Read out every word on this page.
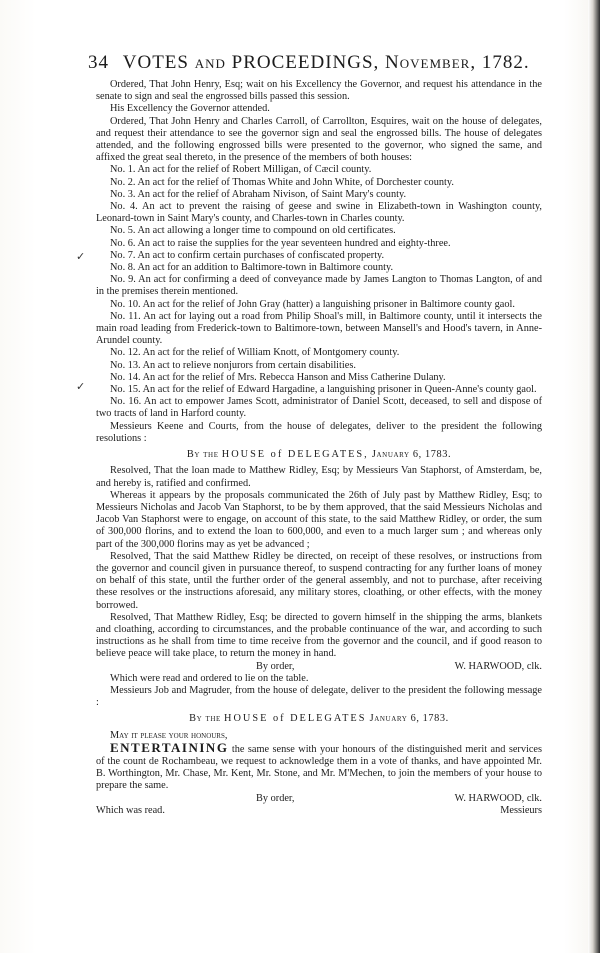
34 VOTES and PROCEEDINGS, November, 1782.
✓
✓

Ordered, That John Henry, Esq; wait on his Excellency the Governor, and request his attendance in the senate to sign and seal the engrossed bills passed this session.

His Excellency the Governor attended.

Ordered, That John Henry and Charles Carroll, of Carrollton, Esquires, wait on the house of delegates, and request their attendance to see the governor sign and seal the engrossed bills. The house of delegates attended, and the following engrossed bills were presented to the governor, who signed the same, and affixed the great seal thereto, in the presence of the members of both houses:

No. 1. An act for the relief of Robert Milligan, of Cæcil county.

No. 2. An act for the relief of Thomas White and John White, of Dorchester county.

No. 3. An act for the relief of Abraham Nivison, of Saint Mary's county.

No. 4. An act to prevent the raising of geese and swine in Elizabeth-town in Washington county, Leonard-town in Saint Mary's county, and Charles-town in Charles county.

No. 5. An act allowing a longer time to compound on old certificates.

No. 6. An act to raise the supplies for the year seventeen hundred and eighty-three.

No. 7. An act to confirm certain purchases of confiscated property.

No. 8. An act for an addition to Baltimore-town in Baltimore county.

No. 9. An act for confirming a deed of conveyance made by James Langton to Thomas Langton, of and in the premises therein mentioned.

No. 10. An act for the relief of John Gray (hatter) a languishing prisoner in Baltimore county gaol.

No. 11. An act for laying out a road from Philip Shoal's mill, in Baltimore county, until it intersects the main road leading from Frederick-town to Baltimore-town, between Mansell's and Hood's tavern, in Anne-Arundel county.

No. 12. An act for the relief of William Knott, of Montgomery county.

No. 13. An act to relieve nonjurors from certain disabilities.

No. 14. An act for the relief of Mrs. Rebecca Hanson and Miss Catherine Dulany.

No. 15. An act for the relief of Edward Hargadine, a languishing prisoner in Queen-Anne's county gaol.

No. 16. An act to empower James Scott, administrator of Daniel Scott, deceased, to sell and dispose of two tracts of land in Harford county.

Messieurs Keene and Courts, from the house of delegates, deliver to the president the following resolutions :

By the HOUSE of DELEGATES, January 6, 1783.

Resolved, That the loan made to Matthew Ridley, Esq; by Messieurs Van Staphorst, of Amsterdam, be, and hereby is, ratified and confirmed.

Whereas it appears by the proposals communicated the 26th of July past by Matthew Ridley, Esq; to Messieurs Nicholas and Jacob Van Staphorst, to be by them approved, that the said Messieurs Nicholas and Jacob Van Staphorst were to engage, on account of this state, to the said Matthew Ridley, or order, the sum of 300,000 florins, and to extend the loan to 600,000, and even to a much larger sum ; and whereas only part of the 300,000 florins may as yet be advanced ;

Resolved, That the said Matthew Ridley be directed, on receipt of these resolves, or instructions from the governor and council given in pursuance thereof, to suspend contracting for any further loans of money on behalf of this state, until the further order of the general assembly, and not to purchase, after receiving these resolves or the instructions aforesaid, any military stores, cloathing, or other effects, with the money borrowed.

Resolved, That Matthew Ridley, Esq; be directed to govern himself in the shipping the arms, blankets and cloathing, according to circumstances, and the probable continuance of the war, and according to such instructions as he shall from time to time receive from the governor and the council, and if good reason to believe peace will take place, to return the money in hand.

By order,	W. HARWOOD, clk.

Which were read and ordered to lie on the table.

Messieurs Job and Magruder, from the house of delegate, deliver to the president the following message :

By the HOUSE of DELEGATES January 6, 1783.

May it please your honours,

ENTERTAINING the same sense with your honours of the distinguished merit and services of the count de Rochambeau, we request to acknowledge them in a vote of thanks, and have appointed Mr. B. Worthington, Mr. Chase, Mr. Kent, Mr. Stone, and Mr. M'Mechen, to join the members of your house to prepare the same.

By order,	W. HARWOOD, clk.
Which was read.	Messieurs
